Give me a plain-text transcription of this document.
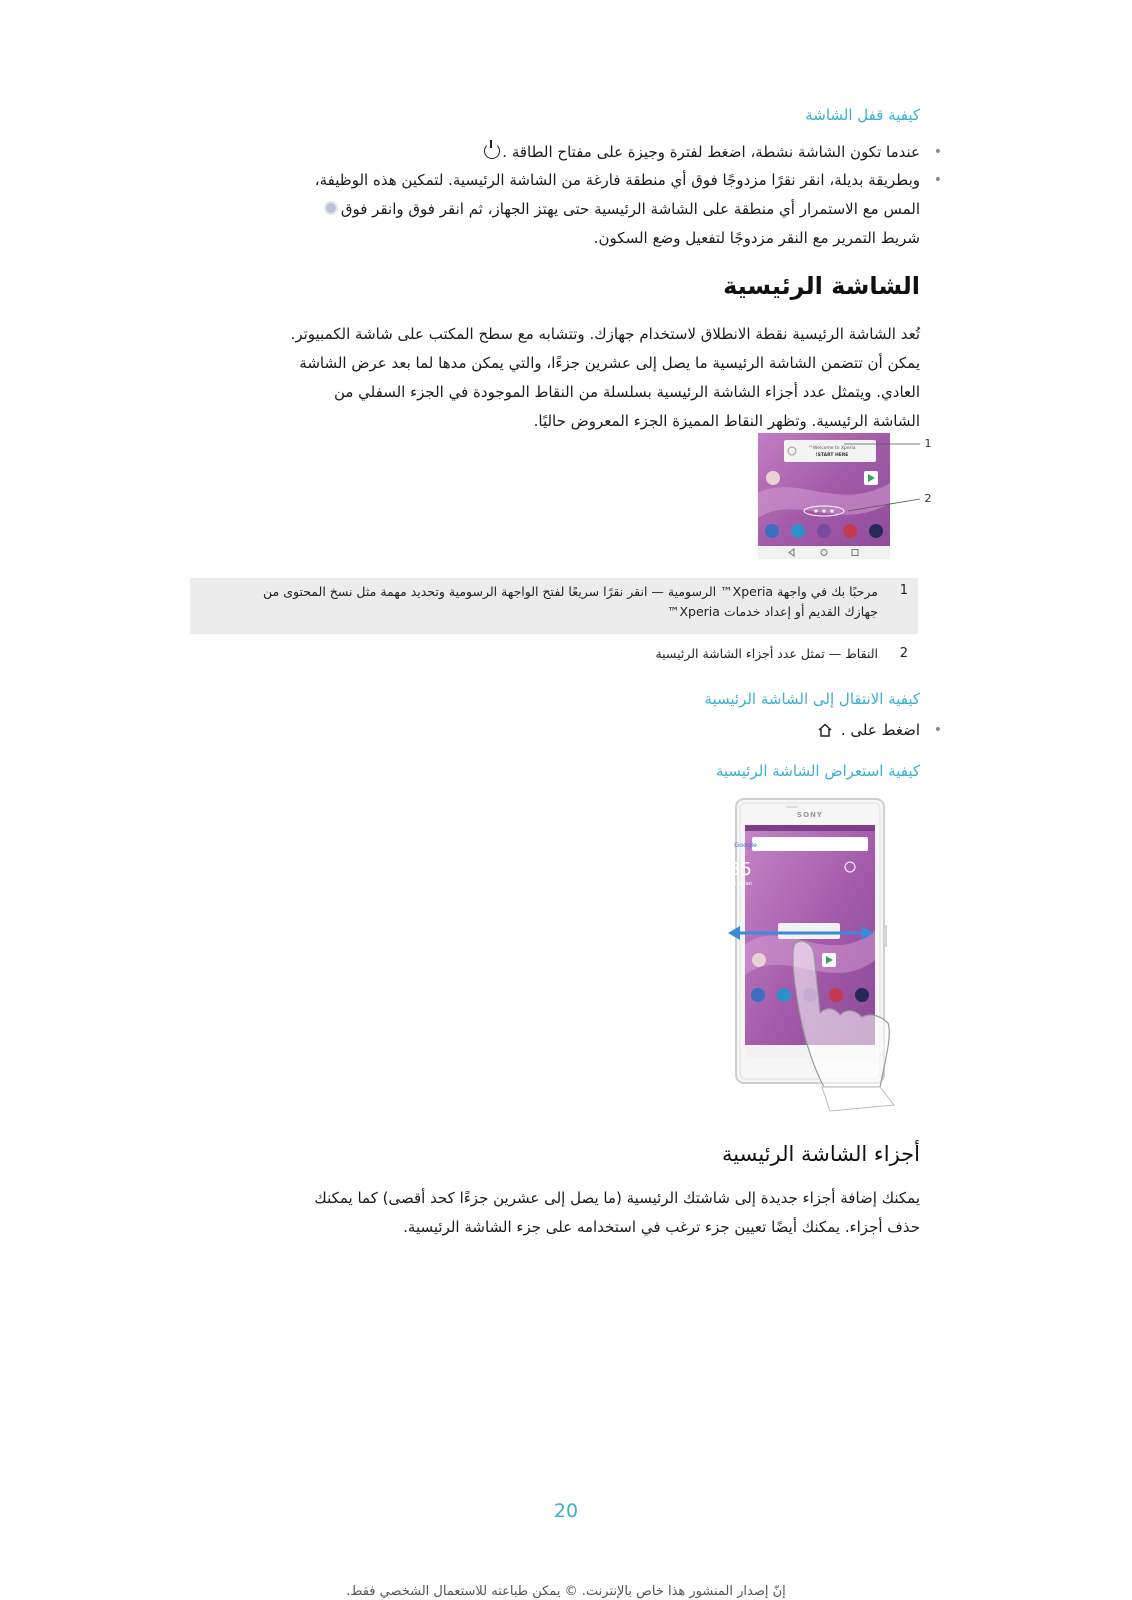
كيفية قفل الشاشة
•
عندما تكون الشاشة نشطة، اضغط لفترة وجيزة على مفتاح الطاقة .
•
وبطريقة بديلة، انقر نقرًا مزدوجًا فوق أي منطقة فارغة من الشاشة الرئيسية. لتمكين هذه الوظيفة،
المس مع الاستمرار أي منطقة على الشاشة الرئيسية حتى يهتز الجهاز، ثم انقر فوق وانقر فوق
شريط التمرير مع النقر مزدوجًا لتفعيل وضع السكون.
الشاشة الرئيسية
تُعد الشاشة الرئيسية نقطة الانطلاق لاستخدام جهازك. وتتشابه مع سطح المكتب على شاشة الكمبيوتر.
يمكن أن تتضمن الشاشة الرئيسية ما يصل إلى عشرين جزءًا، والتي يمكن مدها لما بعد عرض الشاشة
العادي. ويتمثل عدد أجزاء الشاشة الرئيسية بسلسلة من النقاط الموجودة في الجزء السفلي من
الشاشة الرئيسية. وتظهر النقاط المميزة الجزء المعروض حاليًا.
Welcome to Xperia™
START HERE!
1
2
1
مرحبًا بك في واجهة Xperia™ الرسومية — انقر نقرًا سريعًا لفتح الواجهة الرسومية وتحديد مهمة مثل نسخ المحتوى من
جهازك القديم أو إعداد خدمات Xperia™
2
النقاط — تمثل عدد أجزاء الشاشة الرئيسية
كيفية الانتقال إلى الشاشة الرئيسية
•
اضغط على .
كيفية استعراض الشاشة الرئيسية
SONY
Google
10:35
Fri, 8 Jan
أجزاء الشاشة الرئيسية
يمكنك إضافة أجزاء جديدة إلى شاشتك الرئيسية (ما يصل إلى عشرين جزءًا كحد أقصى) كما يمكنك
حذف أجزاء. يمكنك أيضًا تعيين جزء ترغب في استخدامه على جزء الشاشة الرئيسية.
20
إنّ إصدار المنشور هذا خاص بالإنترنت. © يمكن طباعته للاستعمال الشخصي فقط.
